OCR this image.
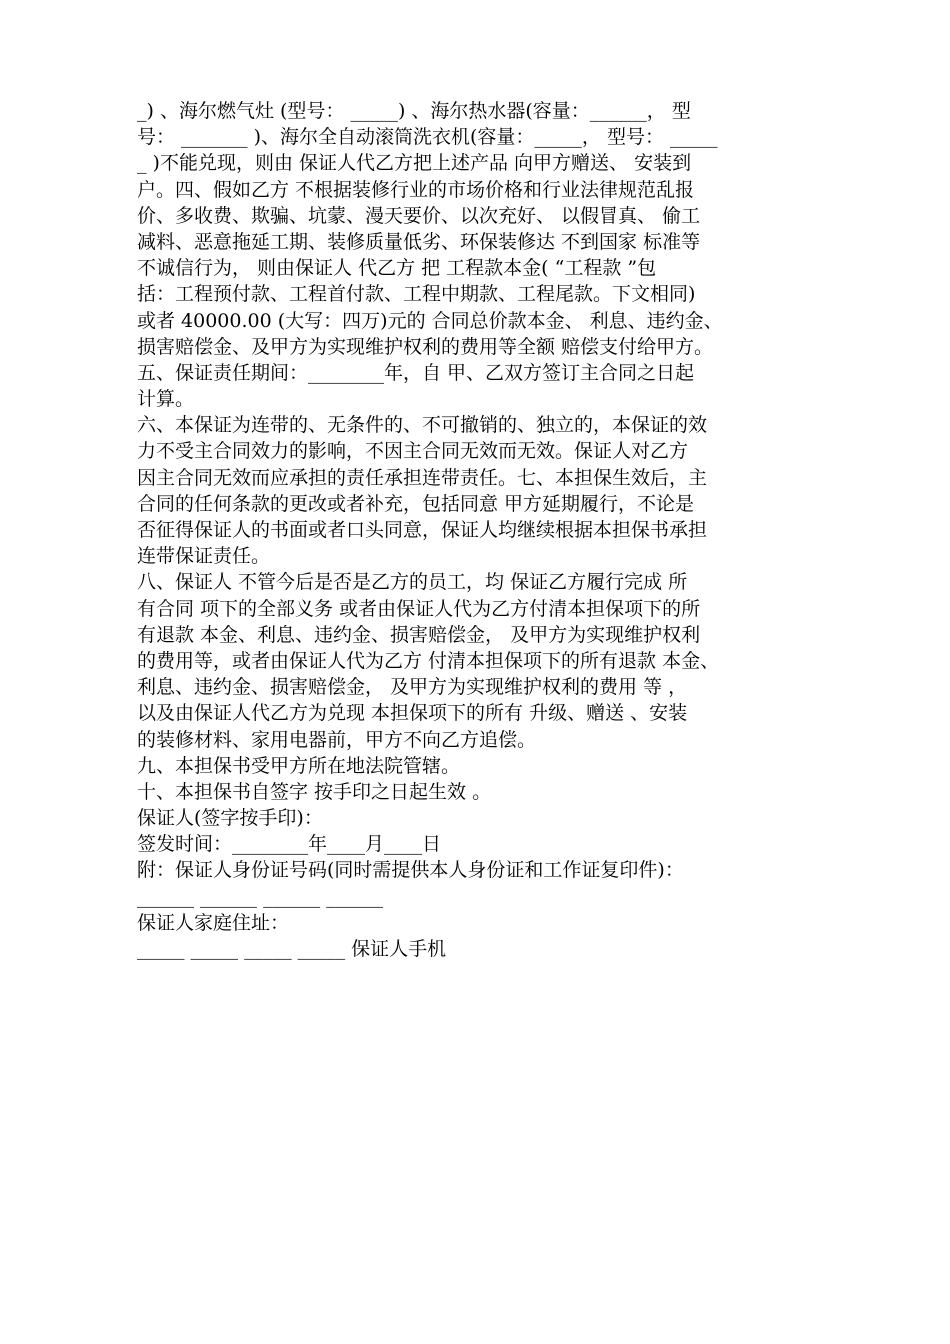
_) 、海尔燃气灶 (型号： _____) 、海尔热水器(容量：______， 型
号： _______ )、海尔全自动滚筒洗衣机(容量：_____， 型号： _____
_ )不能兑现，则由 保证人代乙方把上述产品 向甲方赠送、 安装到
户。四、假如乙方 不根据装修行业的市场价格和行业法律规范乱报
价、多收费、欺骗、坑蒙、漫天要价、以次充好、 以假冒真、 偷工
减料、恶意拖延工期、装修质量低劣、环保装修达 不到国家 标准等
不诚信行为， 则由保证人 代乙方 把 工程款本金( “工程款 ”包
括：工程预付款、工程首付款、工程中期款、工程尾款。下文相同)
或者 40000.00 (大写：四万)元的 合同总价款本金、 利息、违约金、
损害赔偿金、及甲方为实现维护权利的费用等全额 赔偿支付给甲方。
五、保证责任期间：________年，自 甲、乙双方签订主合同之日起
计算。
六、本保证为连带的、无条件的、不可撤销的、独立的，本保证的效
力不受主合同效力的影响，不因主合同无效而无效。保证人对乙方
因主合同无效而应承担的责任承担连带责任。七、本担保生效后，主
合同的任何条款的更改或者补充，包括同意 甲方延期履行，不论是
否征得保证人的书面或者口头同意，保证人均继续根据本担保书承担
连带保证责任。
八、保证人 不管今后是否是乙方的员工，均 保证乙方履行完成 所
有合同 项下的全部义务 或者由保证人代为乙方付清本担保项下的所
有退款 本金、利息、违约金、损害赔偿金， 及甲方为实现维护权利
的费用等，或者由保证人代为乙方 付清本担保项下的所有退款 本金、
利息、违约金、损害赔偿金， 及甲方为实现维护权利的费用 等 ，
以及由保证人代乙方为兑现 本担保项下的所有 升级、赠送 、安装
的装修材料、家用电器前，甲方不向乙方追偿。
九、本担保书受甲方所在地法院管辖。
十、本担保书自签字 按手印之日起生效 。
保证人(签字按手印)：
签发时间：________年____月____日
附：保证人身份证号码(同时需提供本人身份证和工作证复印件)：
______ ______ ______ ______
保证人家庭住址：
_____ _____ _____ _____ 保证人手机
